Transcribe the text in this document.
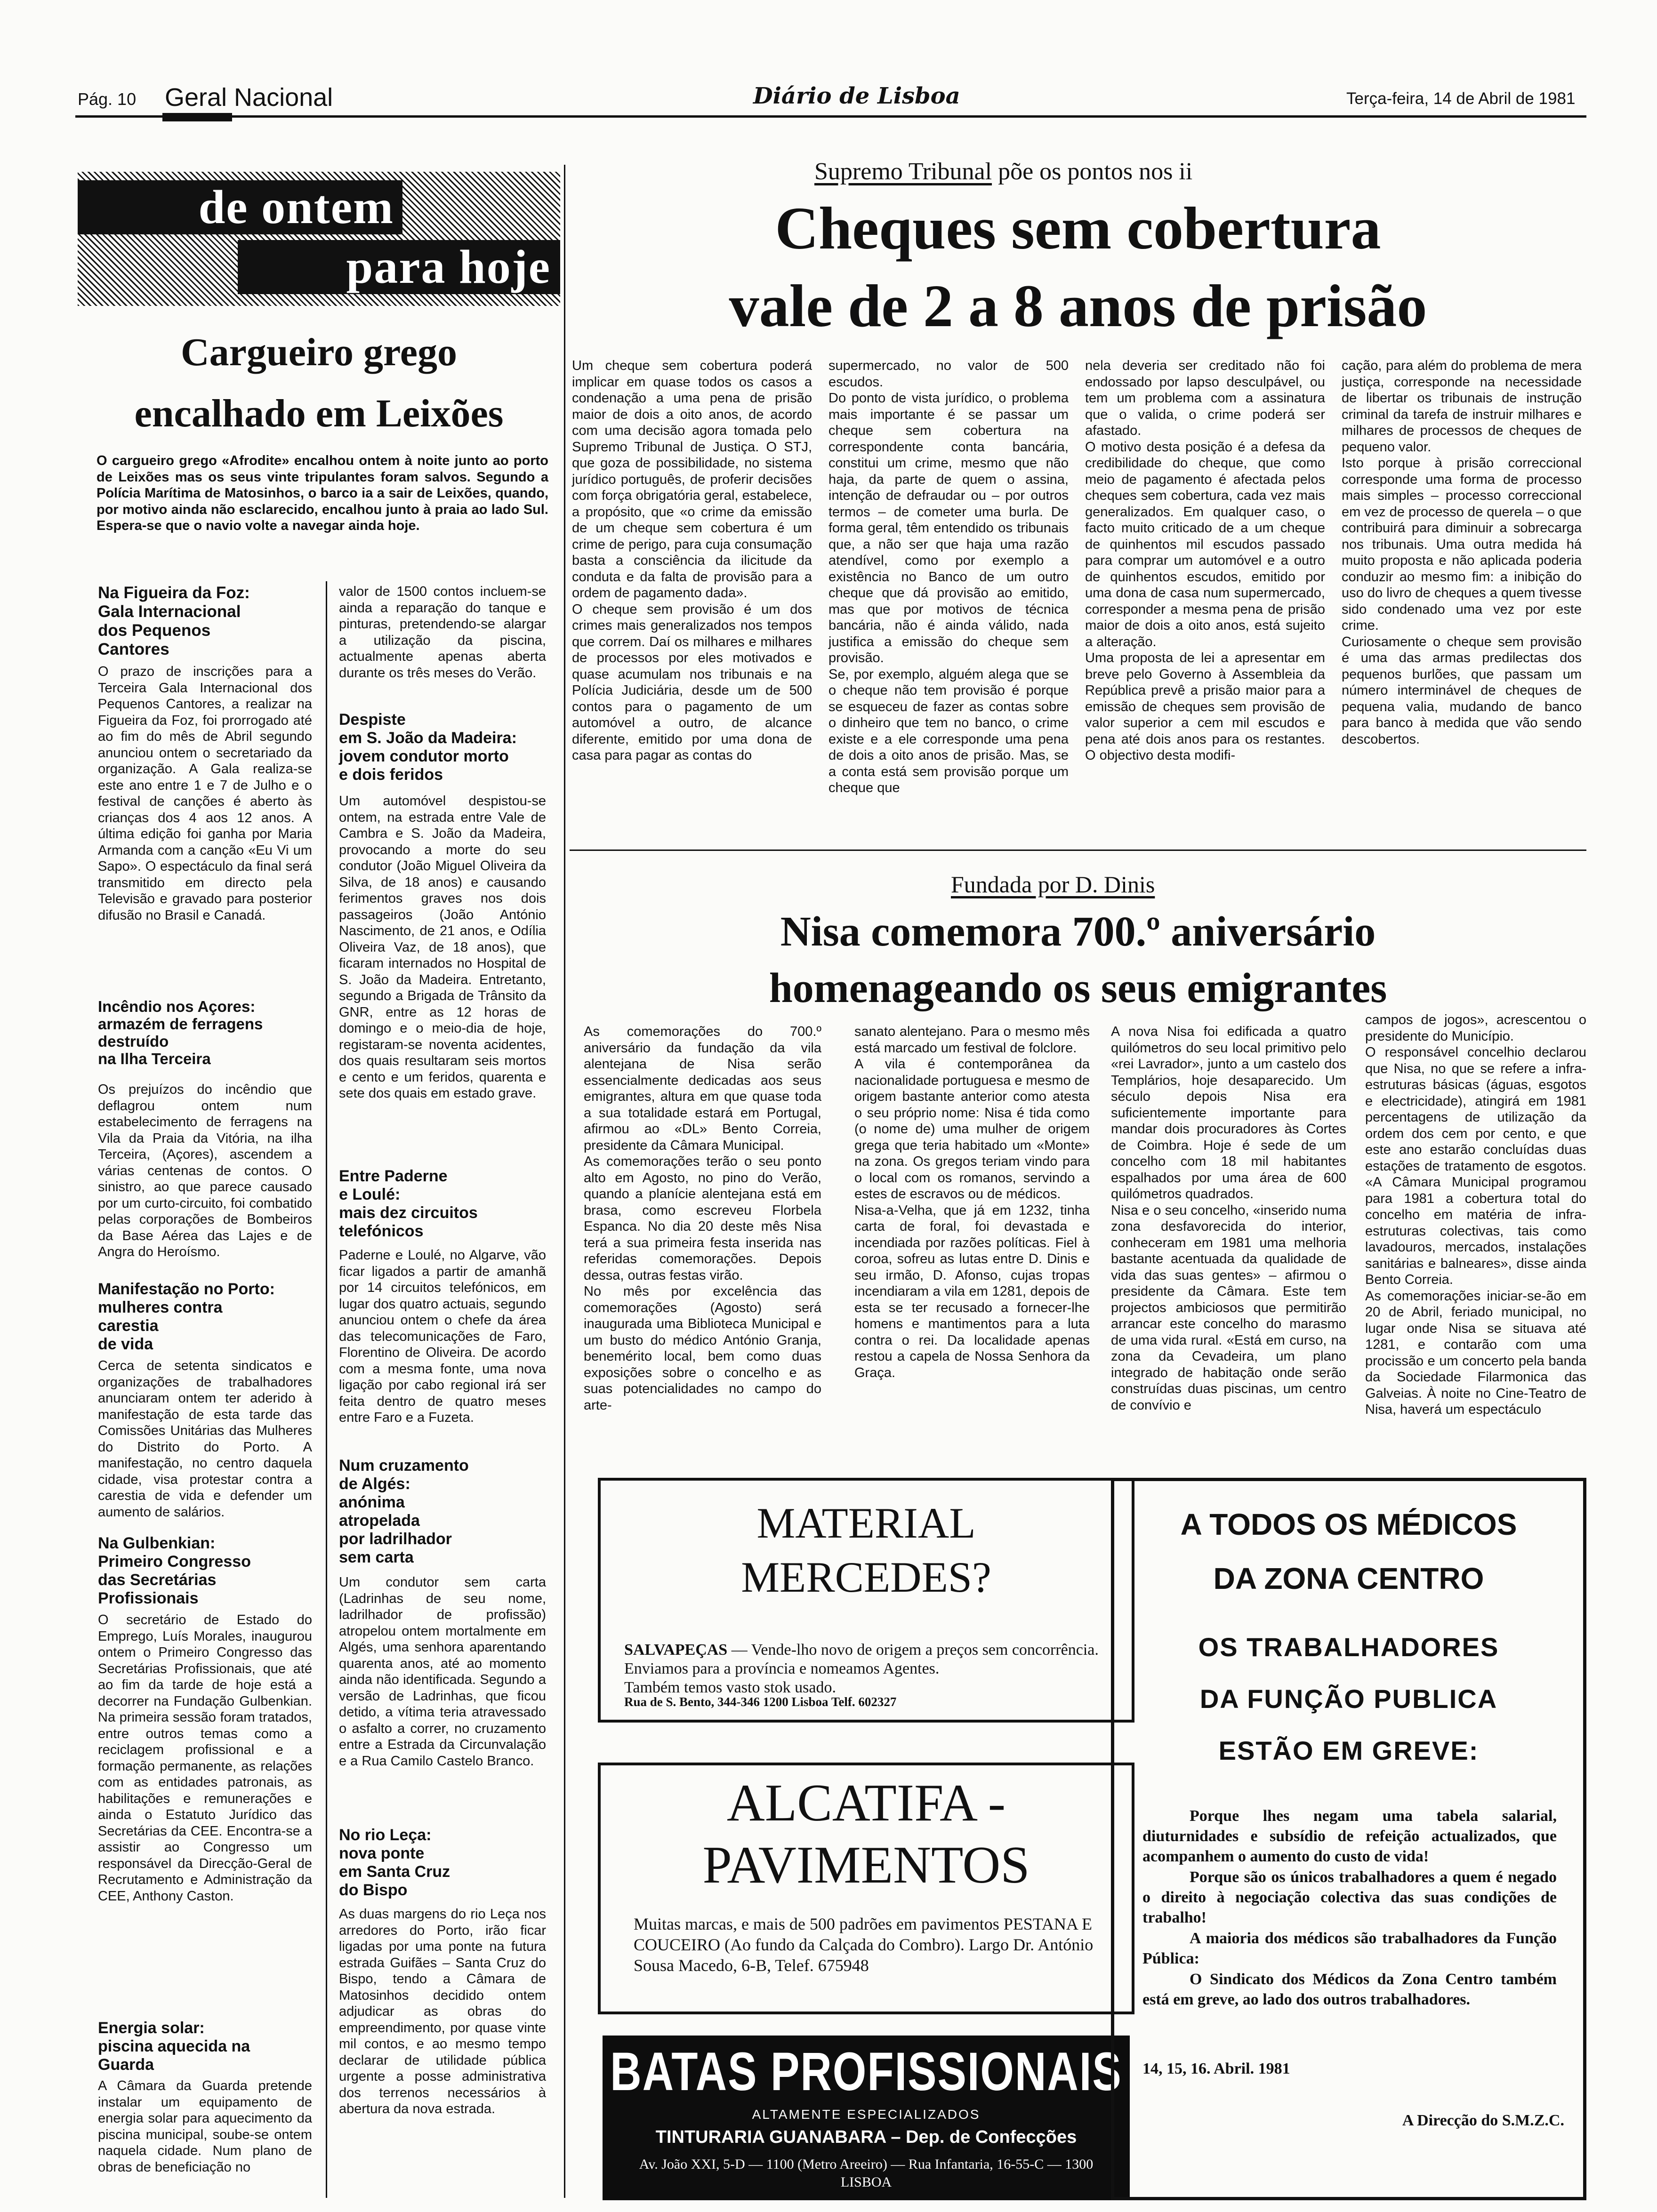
Pág. 10 Geral Nacional	Diário de Lisboa	Terça-feira, 14 de Abril de 1981
de ontem
para hoje
Cargueiro grego
encalhado em Leixões

O cargueiro grego «Afrodite» encalhou ontem à noite junto ao porto de Leixões mas os seus vinte tripulantes foram salvos. Segundo a Polícia Marítima de Matosinhos, o barco ia a sair de Leixões, quando, por motivo ainda não esclarecido, encalhou junto à praia ao lado Sul. Espera-se que o navio volte a navegar ainda hoje.

Na Figueira da Foz:
Gala Internacional
dos Pequenos
Cantores

O prazo de inscrições para a Terceira Gala Internacional dos Pequenos Cantores, a realizar na Figueira da Foz, foi prorrogado até ao fim do mês de Abril segundo anunciou ontem o secretariado da organização. A Gala realiza-se este ano entre 1 e 7 de Julho e o festival de canções é aberto às crianças dos 4 aos 12 anos. A última edição foi ganha por Maria Armanda com a canção «Eu Vi um Sapo». O espectáculo da final será transmitido em directo pela Televisão e gravado para posterior difusão no Brasil e Canadá.

Incêndio nos Açores:
armazém de ferragens
destruído
na Ilha Terceira

Os prejuízos do incêndio que deflagrou ontem num estabelecimento de ferragens na Vila da Praia da Vitória, na ilha Terceira, (Açores), ascendem a várias centenas de contos. O sinistro, ao que parece causado por um curto-circuito, foi combatido pelas corporações de Bombeiros da Base Aérea das Lajes e de Angra do Heroísmo.

Manifestação no Porto:
mulheres contra
carestia
de vida

Cerca de setenta sindicatos e organizações de trabalhadores anunciaram ontem ter aderido à manifestação de esta tarde das Comissões Unitárias das Mulheres do Distrito do Porto. A manifestação, no centro daquela cidade, visa protestar contra a carestia de vida e defender um aumento de salários.

Na Gulbenkian:
Primeiro Congresso
das Secretárias
Profissionais

O secretário de Estado do Emprego, Luís Morales, inaugurou ontem o Primeiro Congresso das Secretárias Profissionais, que até ao fim da tarde de hoje está a decorrer na Fundação Gulbenkian. Na primeira sessão foram tratados, entre outros temas como a reciclagem profissional e a formação permanente, as relações com as entidades patronais, as habilitações e remunerações e ainda o Estatuto Jurídico das Secretárias da CEE. Encontra-se a assistir ao Congresso um responsável da Direcção-Geral de Recrutamento e Administração da CEE, Anthony Caston.

Energia solar:
piscina aquecida na
Guarda

A Câmara da Guarda pretende instalar um equipamento de energia solar para aquecimento da piscina municipal, soube-se ontem naquela cidade. Num plano de obras de beneficiação no

valor de 1500 contos incluem-se ainda a reparação do tanque e pinturas, pretendendo-se alargar a utilização da piscina, actualmente apenas aberta durante os três meses do Verão.

Despiste
em S. João da Madeira:
jovem condutor morto
e dois feridos

Um automóvel despistou-se ontem, na estrada entre Vale de Cambra e S. João da Madeira, provocando a morte do seu condutor (João Miguel Oliveira da Silva, de 18 anos) e causando ferimentos graves nos dois passageiros (João António Nascimento, de 21 anos, e Odília Oliveira Vaz, de 18 anos), que ficaram internados no Hospital de S. João da Madeira. Entretanto, segundo a Brigada de Trânsito da GNR, entre as 12 horas de domingo e o meio-dia de hoje, registaram-se noventa acidentes, dos quais resultaram seis mortos e cento e um feridos, quarenta e sete dos quais em estado grave.

Entre Paderne
e Loulé:
mais dez circuitos
telefónicos

Paderne e Loulé, no Algarve, vão ficar ligados a partir de amanhã por 14 circuitos telefónicos, em lugar dos quatro actuais, segundo anunciou ontem o chefe da área das telecomunicações de Faro, Florentino de Oliveira. De acordo com a mesma fonte, uma nova ligação por cabo regional irá ser feita dentro de quatro meses entre Faro e a Fuzeta.

Num cruzamento
de Algés:
anónima
atropelada
por ladrilhador
sem carta

Um condutor sem carta (Ladrinhas de seu nome, ladrilhador de profissão) atropelou ontem mortalmente em Algés, uma senhora aparentando quarenta anos, até ao momento ainda não identificada. Segundo a versão de Ladrinhas, que ficou detido, a vítima teria atravessado o asfalto a correr, no cruzamento entre a Estrada da Circunvalação e a Rua Camilo Castelo Branco.

No rio Leça:
nova ponte
em Santa Cruz
do Bispo

As duas margens do rio Leça nos arredores do Porto, irão ficar ligadas por uma ponte na futura estrada Guifães – Santa Cruz do Bispo, tendo a Câmara de Matosinhos decidido ontem adjudicar as obras do empreendimento, por quase vinte mil contos, e ao mesmo tempo declarar de utilidade pública urgente a posse administrativa dos terrenos necessários à abertura da nova estrada.

Supremo Tribunal põe os pontos nos ii
Cheques sem cobertura
vale de 2 a 8 anos de prisão

Um cheque sem cobertura poderá implicar em quase todos os casos a condenação a uma pena de prisão maior de dois a oito anos, de acordo com uma decisão agora tomada pelo Supremo Tribunal de Justiça. O STJ, que goza de possibilidade, no sistema jurídico português, de proferir decisões com força obrigatória geral, estabelece, a propósito, que «o crime da emissão de um cheque sem cobertura é um crime de perigo, para cuja consumação basta a consciência da ilicitude da conduta e da falta de provisão para a ordem de pagamento dada».
O cheque sem provisão é um dos crimes mais generalizados nos tempos que correm. Daí os milhares e milhares de processos por eles motivados e quase acumulam nos tribunais e na Polícia Judiciária, desde um de 500 contos para o pagamento de um automóvel a outro, de alcance diferente, emitido por uma dona de casa para pagar as contas do

supermercado, no valor de 500 escudos.
Do ponto de vista jurídico, o problema mais importante é se passar um cheque sem cobertura na correspondente conta bancária, constitui um crime, mesmo que não haja, da parte de quem o assina, intenção de defraudar ou – por outros termos – de cometer uma burla. De forma geral, têm entendido os tribunais que, a não ser que haja uma razão atendível, como por exemplo a existência no Banco de um outro cheque que dá provisão ao emitido, mas que por motivos de técnica bancária, não é ainda válido, nada justifica a emissão do cheque sem provisão.
Se, por exemplo, alguém alega que se o cheque não tem provisão é porque se esqueceu de fazer as contas sobre o dinheiro que tem no banco, o crime existe e a ele corresponde uma pena de dois a oito anos de prisão. Mas, se a conta está sem provisão porque um cheque que

nela deveria ser creditado não foi endossado por lapso desculpável, ou tem um problema com a assinatura que o valida, o crime poderá ser afastado.
O motivo desta posição é a defesa da credibilidade do cheque, que como meio de pagamento é afectada pelos cheques sem cobertura, cada vez mais generalizados. Em qualquer caso, o facto muito criticado de a um cheque de quinhentos mil escudos passado para comprar um automóvel e a outro de quinhentos escudos, emitido por uma dona de casa num supermercado, corresponder a mesma pena de prisão maior de dois a oito anos, está sujeito a alteração.
Uma proposta de lei a apresentar em breve pelo Governo à Assembleia da República prevê a prisão maior para a emissão de cheques sem provisão de valor superior a cem mil escudos e pena até dois anos para os restantes. O objectivo desta modifi-

cação, para além do problema de mera justiça, corresponde na necessidade de libertar os tribunais de instrução criminal da tarefa de instruir milhares e milhares de processos de cheques de pequeno valor.
Isto porque à prisão correccional corresponde uma forma de processo mais simples – processo correccional em vez de processo de querela – o que contribuirá para diminuir a sobrecarga nos tribunais. Uma outra medida há muito proposta e não aplicada poderia conduzir ao mesmo fim: a inibição do uso do livro de cheques a quem tivesse sido condenado uma vez por este crime.
Curiosamente o cheque sem provisão é uma das armas predilectas dos pequenos burlões, que passam um número interminável de cheques de pequena valia, mudando de banco para banco à medida que vão sendo descobertos.

Fundada por D. Dinis
Nisa comemora 700.º aniversário
homenageando os seus emigrantes

As comemorações do 700.º aniversário da fundação da vila alentejana de Nisa serão essencialmente dedicadas aos seus emigrantes, altura em que quase toda a sua totalidade estará em Portugal, afirmou ao «DL» Bento Correia, presidente da Câmara Municipal.
As comemorações terão o seu ponto alto em Agosto, no pino do Verão, quando a planície alentejana está em brasa, como escreveu Florbela Espanca. No dia 20 deste mês Nisa terá a sua primeira festa inserida nas referidas comemorações. Depois dessa, outras festas virão.
No mês por excelência das comemorações (Agosto) será inaugurada uma Biblioteca Municipal e um busto do médico António Granja, benemérito local, bem como duas exposições sobre o concelho e as suas potencialidades no campo do arte-

sanato alentejano. Para o mesmo mês está marcado um festival de folclore.
A vila é contemporânea da nacionalidade portuguesa e mesmo de origem bastante anterior como atesta o seu próprio nome: Nisa é tida como (o nome de) uma mulher de origem grega que teria habitado um «Monte» na zona. Os gregos teriam vindo para o local com os romanos, servindo a estes de escravos ou de médicos.
Nisa-a-Velha, que já em 1232, tinha carta de foral, foi devastada e incendiada por razões políticas. Fiel à coroa, sofreu as lutas entre D. Dinis e seu irmão, D. Afonso, cujas tropas incendiaram a vila em 1281, depois de esta se ter recusado a fornecer-lhe homens e mantimentos para a luta contra o rei. Da localidade apenas restou a capela de Nossa Senhora da Graça.

A nova Nisa foi edificada a quatro quilómetros do seu local primitivo pelo «rei Lavrador», junto a um castelo dos Templários, hoje desaparecido. Um século depois Nisa era suficientemente importante para mandar dois procuradores às Cortes de Coimbra. Hoje é sede de um concelho com 18 mil habitantes espalhados por uma área de 600 quilómetros quadrados.
Nisa e o seu concelho, «inserido numa zona desfavorecida do interior, conheceram em 1981 uma melhoria bastante acentuada da qualidade de vida das suas gentes» – afirmou o presidente da Câmara. Este tem projectos ambiciosos que permitirão arrancar este concelho do marasmo de uma vida rural. «Está em curso, na zona da Cevadeira, um plano integrado de habitação onde serão construídas duas piscinas, um centro de convívio e

campos de jogos», acrescentou o presidente do Município.
O responsável concelhio declarou que Nisa, no que se refere a infra-estruturas básicas (águas, esgotos e electricidade), atingirá em 1981 percentagens de utilização da ordem dos cem por cento, e que este ano estarão concluídas duas estações de tratamento de esgotos. «A Câmara Municipal programou para 1981 a cobertura total do concelho em matéria de infra-estruturas colectivas, tais como lavadouros, mercados, instalações sanitárias e balneares», disse ainda Bento Correia.
As comemorações iniciar-se-ão em 20 de Abril, feriado municipal, no lugar onde Nisa se situava até 1281, e contarão com uma procissão e um concerto pela banda da Sociedade Filarmonica das Galveias. À noite no Cine-Teatro de Nisa, haverá um espectáculo

MATERIAL
MERCEDES?

SALVAPEÇAS — Vende-lho novo de origem a preços sem concorrência.
Enviamos para a província e nomeamos Agentes.
Também temos vasto stok usado.

Rua de S. Bento, 344-346 1200 Lisboa Telf. 602327
ALCATIFA -
PAVIMENTOS

Muitas marcas, e mais de 500 padrões em pavimentos PESTANA E COUCEIRO (Ao fundo da Calçada do Combro). Largo Dr. António Sousa Macedo, 6-B, Telef. 675948

BATAS PROFISSIONAIS
ALTAMENTE ESPECIALIZADOS
TINTURARIA GUANABARA – Dep. de Confecções
Av. João XXI, 5-D — 1100 (Metro Areeiro) — Rua Infantaria, 16-55-C — 1300 LISBOA
A TODOS OS MÉDICOS
DA ZONA CENTRO
OS TRABALHADORES
DA FUNÇÃO PUBLICA
ESTÃO EM GREVE:

Porque lhes negam uma tabela salarial, diuturnidades e subsídio de refeição actualizados, que acompanhem o aumento do custo de vida!

Porque são os únicos trabalhadores a quem é negado o direito à negociação colectiva das suas condições de trabalho!

A maioria dos médicos são trabalhadores da Função Pública:

O Sindicato dos Médicos da Zona Centro também está em greve, ao lado dos outros trabalhadores.

14, 15, 16. Abril. 1981
A Direcção do S.M.Z.C.
